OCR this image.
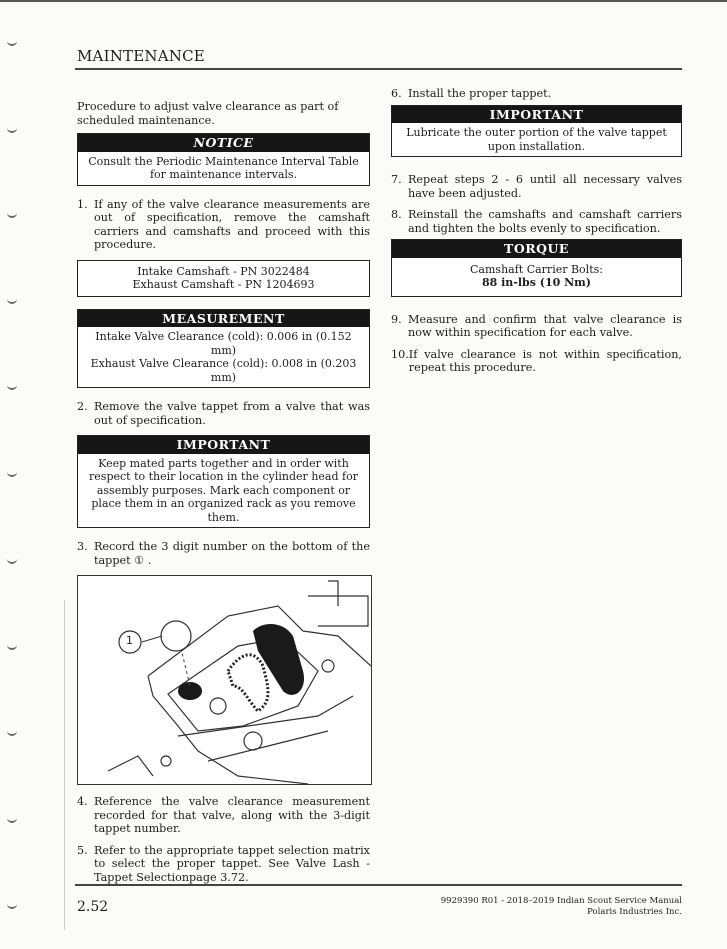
MAINTENANCE

Procedure to adjust valve clearance as part of scheduled maintenance.

NOTICE
Consult the Periodic Maintenance Interval Table for maintenance intervals.
1. If any of the valve clearance measurements are out of specification, remove the camshaft carriers and camshafts and proceed with this procedure.
Intake Camshaft - PN 3022484
Exhaust Camshaft - PN 1204693
MEASUREMENT
Intake Valve Clearance (cold): 0.006 in (0.152 mm)
Exhaust Valve Clearance (cold): 0.008 in (0.203 mm)
2. Remove the valve tappet from a valve that was out of specification.
IMPORTANT
Keep mated parts together and in order with respect to their location in the cylinder head for assembly purposes. Mark each component or place them in an organized rack as you remove them.
3. Record the 3 digit number on the bottom of the tappet ① .
1
4. Reference the valve clearance measurement recorded for that valve, along with the 3-digit tappet number.
5. Refer to the appropriate tappet selection matrix to select the proper tappet. See Valve Lash - Tappet Selectionpage 3.72.
6. Install the proper tappet.
IMPORTANT
Lubricate the outer portion of the valve tappet upon installation.
7. Repeat steps 2 - 6 until all necessary valves have been adjusted.
8. Reinstall the camshafts and camshaft carriers and tighten the bolts evenly to specification.
TORQUE
Camshaft Carrier Bolts:
88 in-lbs (10 Nm)
9. Measure and confirm that valve clearance is now within specification for each valve.
10. If valve clearance is not within specification, repeat this procedure.
2.52	9929390 R01 - 2018–2019 Indian Scout Service Manual
Polaris Industries Inc.
